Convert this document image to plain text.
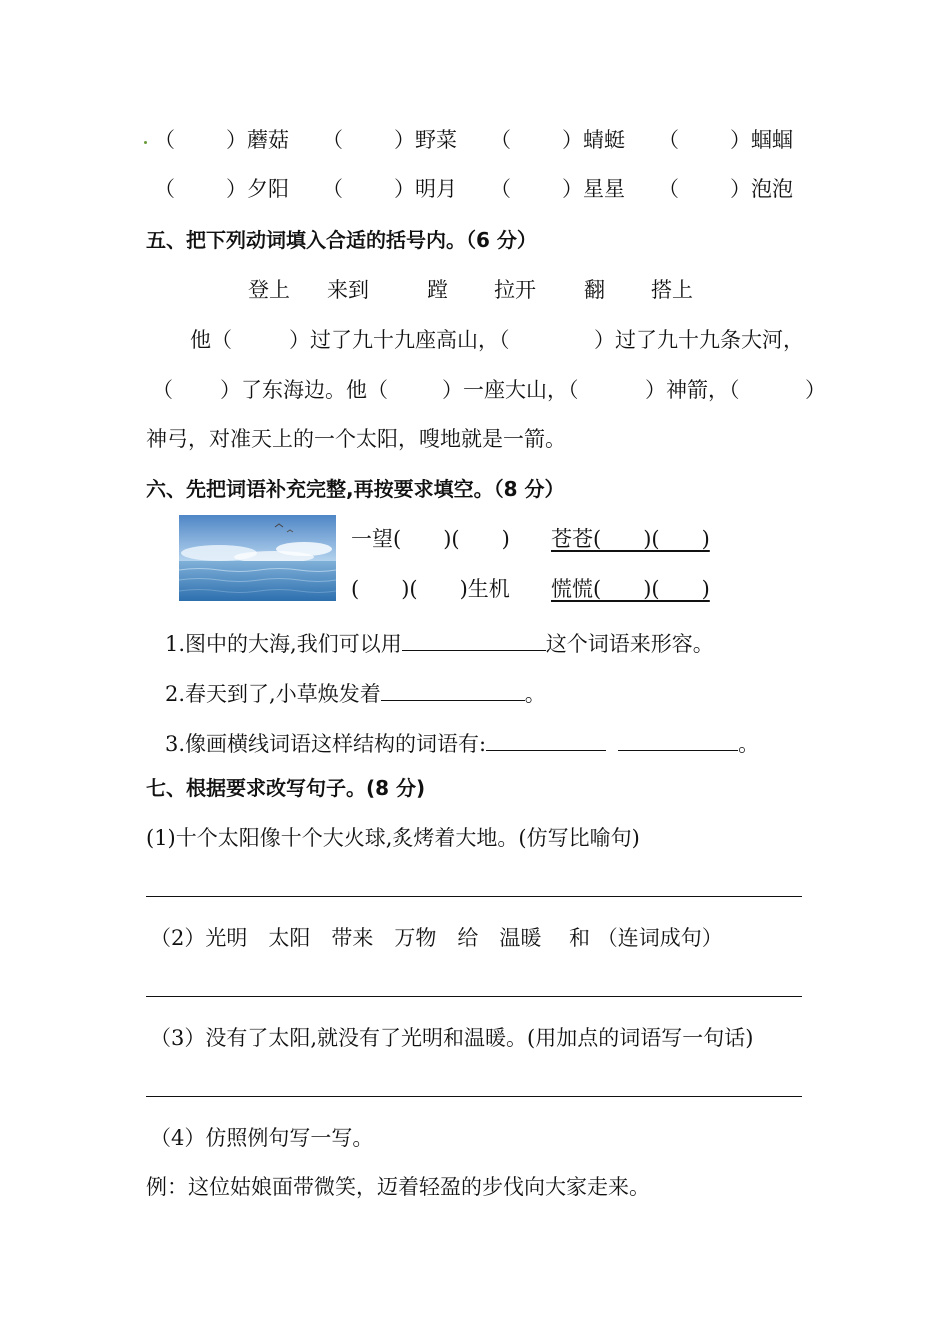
（ ）蘑菇 （ ）野菜 （ ）蜻蜓 （ ）蝈蝈
（ ）夕阳 （ ）明月 （ ）星星 （ ）泡泡
五、把下列动词填入合适的括号内。（6 分）
登上 来到	蹚 拉开 翻 搭上
他（	）过了九十九座高山，（	）过了九十九条大河，
（ ）了东海边。他（	）一座大山，（	）神箭，（	）
神弓，对准天上的一个太阳，嗖地就是一箭。
六、先把词语补充完整,再按要求填空。（8 分）
一望(　　)(　　) 苍苍(　　)(　　)
(　　)(　　)生机 慌慌(　　)(　　)
1.图中的大海,我们可以用	这个词语来形容。
2.春天到了,小草焕发着	。
3.像画横线词语这样结构的词语有:	。
七、根据要求改写句子。(8 分)
(1)十个太阳像十个大火球,炙烤着大地。(仿写比喻句)
（2）光明　太阳　带来　万物　给　温暖　 和 （连词成句）
（3）没有了太阳,就没有了光明和温暖。(用加点的词语写一句话)
（4）仿照例句写一写。
例：这位姑娘面带微笑，迈着轻盈的步伐向大家走来。
